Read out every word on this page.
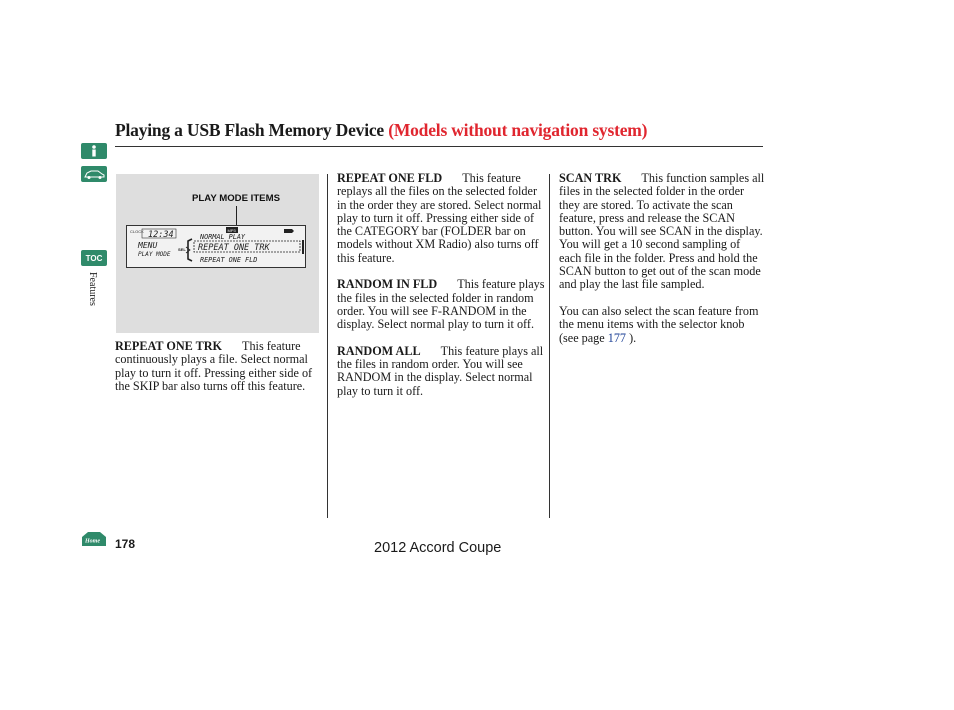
Playing a USB Flash Memory Device (Models without navigation system)
TOC
Features
PLAY MODE ITEMS
CLOCK 12:34
MENU
PLAY MODE
SEL
NORMAL PLAY
REPEAT ONE TRK
REPEAT ONE FLD
MP3

REPEAT ONE TRK This feature continuously plays a file. Select normal play to turn it off. Pressing either side of the SKIP bar also turns off this feature.

REPEAT ONE FLD This feature replays all the files on the selected folder in the order they are stored. Select normal play to turn it off. Pressing either side of the CATEGORY bar (FOLDER bar on models without XM Radio) also turns off this feature.

RANDOM IN FLD This feature plays the files in the selected folder in random order. You will see F-RANDOM in the display. Select normal play to turn it off.

RANDOM ALL This feature plays all the files in random order. You will see RANDOM in the display. Select normal play to turn it off.

SCAN TRK This function samples all files in the selected folder in the order they are stored. To activate the scan feature, press and release the SCAN button. You will see SCAN in the display. You will get a 10 second sampling of each file in the folder. Press and hold the SCAN button to get out of the scan mode and play the last file sampled.

You can also select the scan feature from the menu items with the selector knob (see page 177 ).

Home 178	2012 Accord Coupe
